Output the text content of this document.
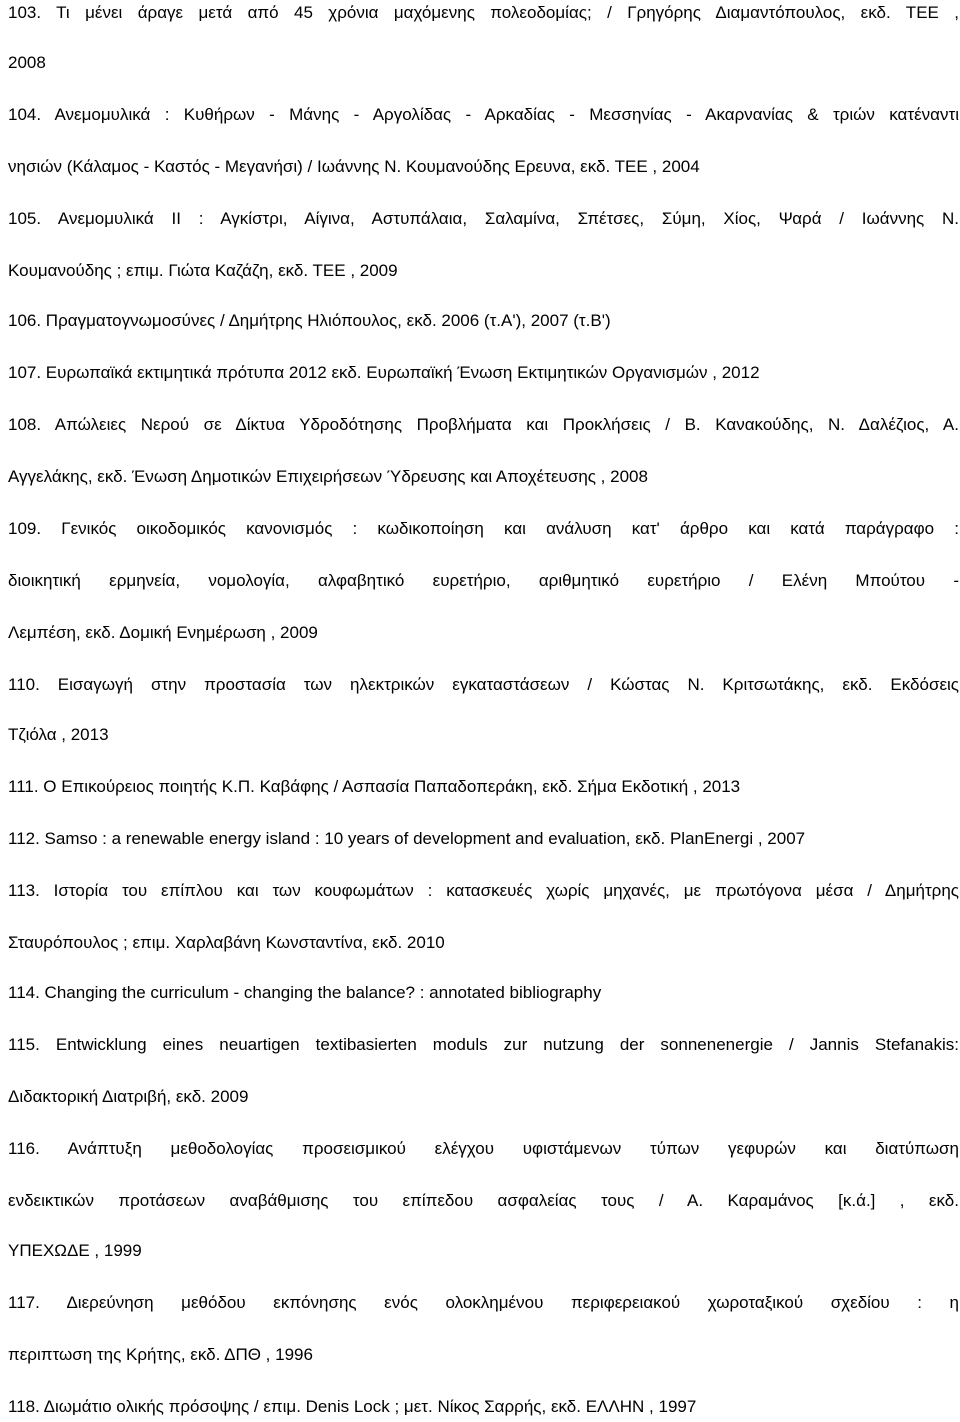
103. Τι μένει άραγε μετά από 45 χρόνια μαχόμενης πολεοδομίας; / Γρηγόρης Διαμαντόπουλος, εκδ. ΤΕΕ ,
2008
104. Ανεμομυλικά : Κυθήρων - Μάνης - Αργολίδας - Αρκαδίας - Μεσσηνίας - Ακαρνανίας & τριών κατέναντι
νησιών (Κάλαμος - Καστός - Μεγανήσι) / Ιωάννης Ν. Κουμανούδης Ερευνα, εκδ. ΤΕΕ , 2004
105. Ανεμομυλικά ΙΙ : Αγκίστρι, Αίγινα, Αστυπάλαια, Σαλαμίνα, Σπέτσες, Σύμη, Χίος, Ψαρά / Ιωάννης Ν.
Κουμανούδης ; επιμ. Γιώτα Καζάζη, εκδ. ΤΕΕ , 2009
106. Πραγματογνωμοσύνες / Δημήτρης Ηλιόπουλος, εκδ. 2006 (τ.Α'), 2007 (τ.Β')
107. Ευρωπαϊκά εκτιμητικά πρότυπα 2012 εκδ. Ευρωπαϊκή Ένωση Εκτιμητικών Οργανισμών , 2012
108. Απώλειες Νερού σε Δίκτυα Υδροδότησης Προβλήματα και Προκλήσεις / Β. Κανακούδης, Ν. Δαλέζιος, Α.
Αγγελάκης, εκδ. Ένωση Δημοτικών Επιχειρήσεων Ύδρευσης και Αποχέτευσης , 2008
109. Γενικός οικοδομικός κανονισμός : κωδικοποίηση και ανάλυση κατ' άρθρο και κατά παράγραφο :
διοικητική ερμηνεία, νομολογία, αλφαβητικό ευρετήριο, αριθμητικό ευρετήριο / Ελένη Μπούτου -
Λεμπέση, εκδ. Δομική Ενημέρωση , 2009
110. Εισαγωγή στην προστασία των ηλεκτρικών εγκαταστάσεων / Κώστας Ν. Κριτσωτάκης, εκδ. Εκδόσεις
Τζιόλα , 2013
111. Ο Επικούρειος ποιητής Κ.Π. Καβάφης / Ασπασία Παπαδοπεράκη, εκδ. Σήμα Εκδοτική , 2013
112. Samso : a renewable energy island : 10 years of development and evaluation, εκδ. PlanEnergi , 2007
113. Ιστορία του επίπλου και των κουφωμάτων : κατασκευές χωρίς μηχανές, με πρωτόγονα μέσα / Δημήτρης
Σταυρόπουλος ; επιμ. Χαρλαβάνη Κωνσταντίνα, εκδ. 2010
114. Changing the curriculum - changing the balance? : annotated bibliography
115. Entwicklung eines neuartigen textibasierten moduls zur nutzung der sonnenenergie / Jannis Stefanakis:
Διδακτορική Διατριβή, εκδ. 2009
116. Ανάπτυξη μεθοδολογίας προσεισμικού ελέγχου υφιστάμενων τύπων γεφυρών και διατύπωση
ενδεικτικών προτάσεων αναβάθμισης του επίπεδου ασφαλείας τους / Α. Καραμάνος [κ.ά.] , εκδ.
ΥΠΕΧΩΔΕ , 1999
117. Διερεύνηση μεθόδου εκπόνησης ενός ολοκλημένου περιφερειακού χωροταξικού σχεδίου : η
περιπτωση της Κρήτης, εκδ. ΔΠΘ , 1996
118. Διωμάτιο ολικής πρόσοψης / επιμ. Denis Lock ; μετ. Νίκος Σαρρής, εκδ. ΕΛΛΗΝ , 1997
